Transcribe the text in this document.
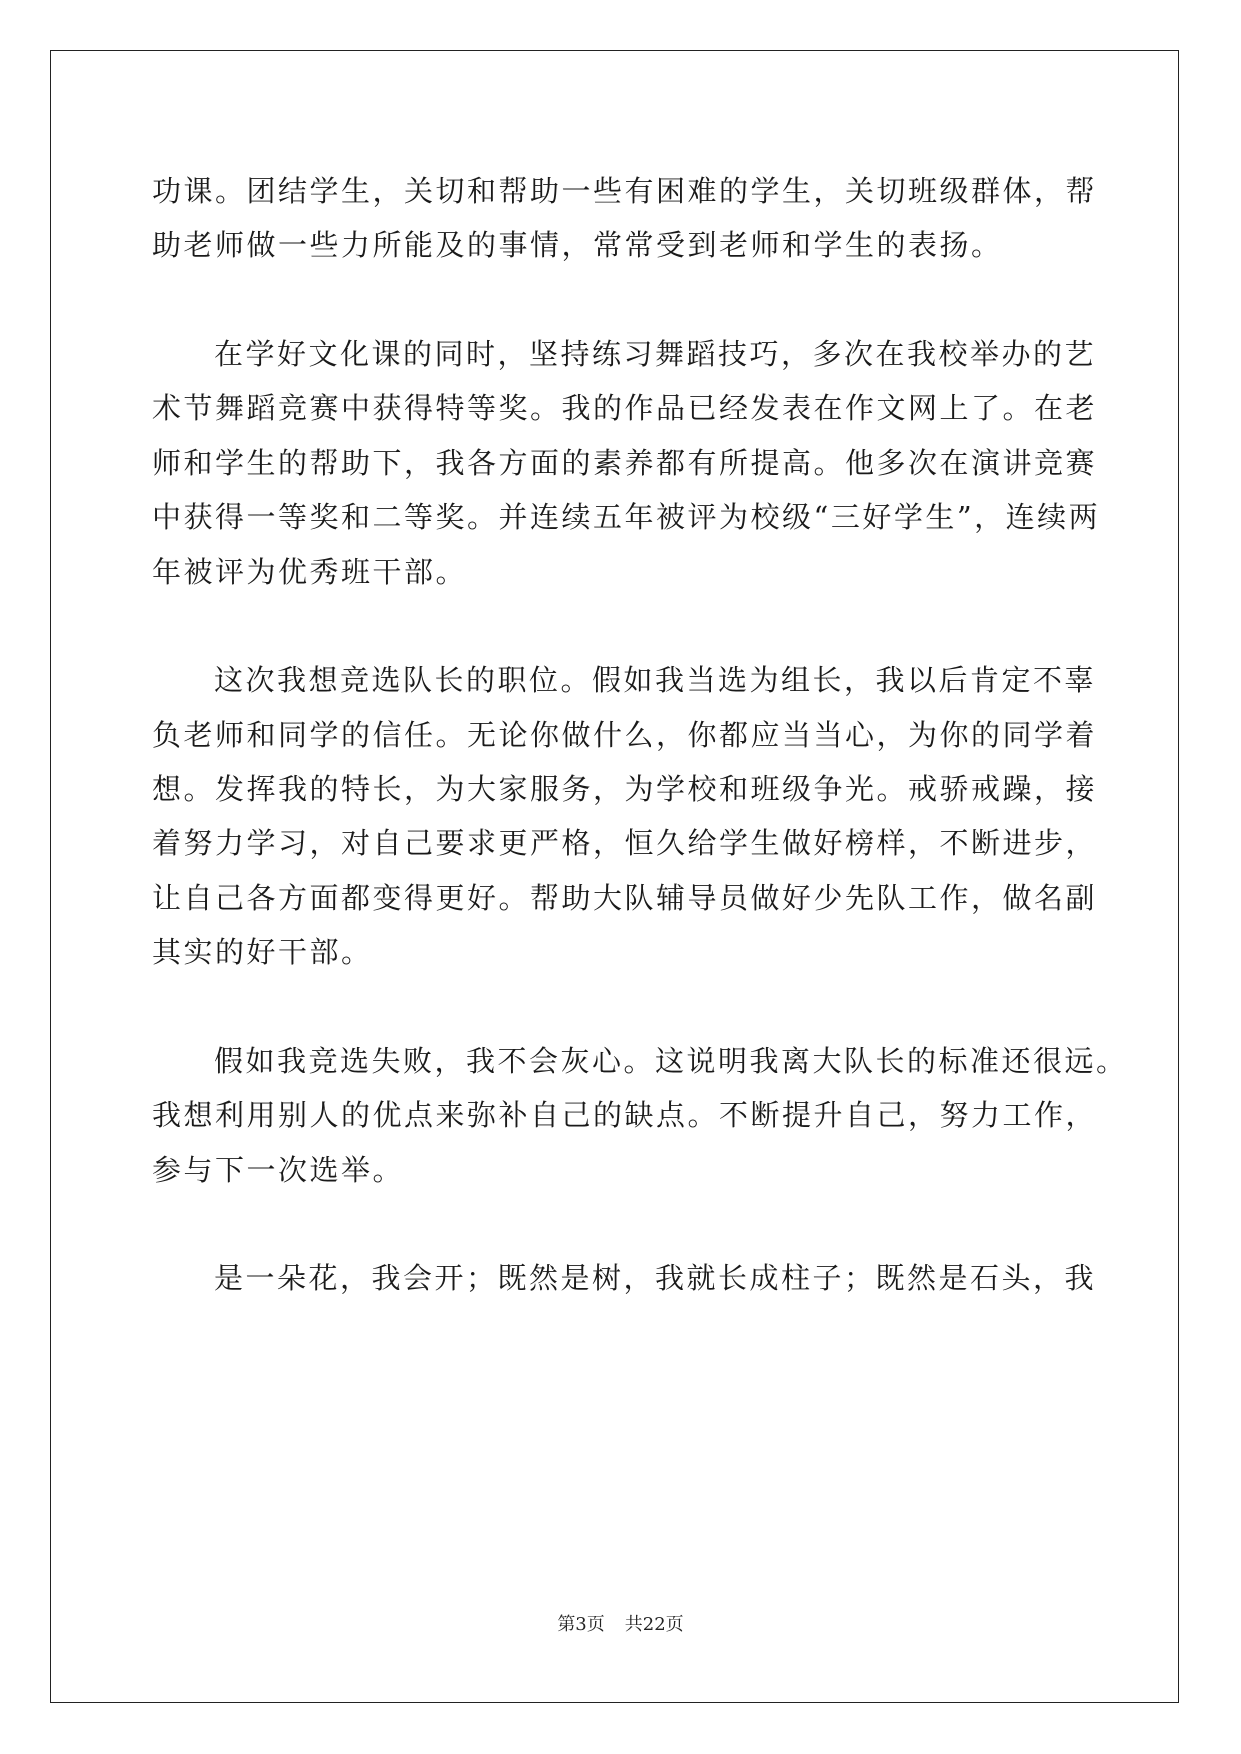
功课。团结学生，关切和帮助一些有困难的学生，关切班级群体，帮
助老师做一些力所能及的事情，常常受到老师和学生的表扬。
在学好文化课的同时，坚持练习舞蹈技巧，多次在我校举办的艺
术节舞蹈竞赛中获得特等奖。我的作品已经发表在作文网上了。在老
师和学生的帮助下，我各方面的素养都有所提高。他多次在演讲竞赛
中获得一等奖和二等奖。并连续五年被评为校级“三好学生”，连续两
年被评为优秀班干部。
这次我想竞选队长的职位。假如我当选为组长，我以后肯定不辜
负老师和同学的信任。无论你做什么，你都应当当心，为你的同学着
想。发挥我的特长，为大家服务，为学校和班级争光。戒骄戒躁，接
着努力学习，对自己要求更严格，恒久给学生做好榜样，不断进步，
让自己各方面都变得更好。帮助大队辅导员做好少先队工作，做名副
其实的好干部。
假如我竞选失败，我不会灰心。这说明我离大队长的标准还很远。
我想利用别人的优点来弥补自己的缺点。不断提升自己，努力工作，
参与下一次选举。
是一朵花，我会开；既然是树，我就长成柱子；既然是石头，我
第3页 共22页
